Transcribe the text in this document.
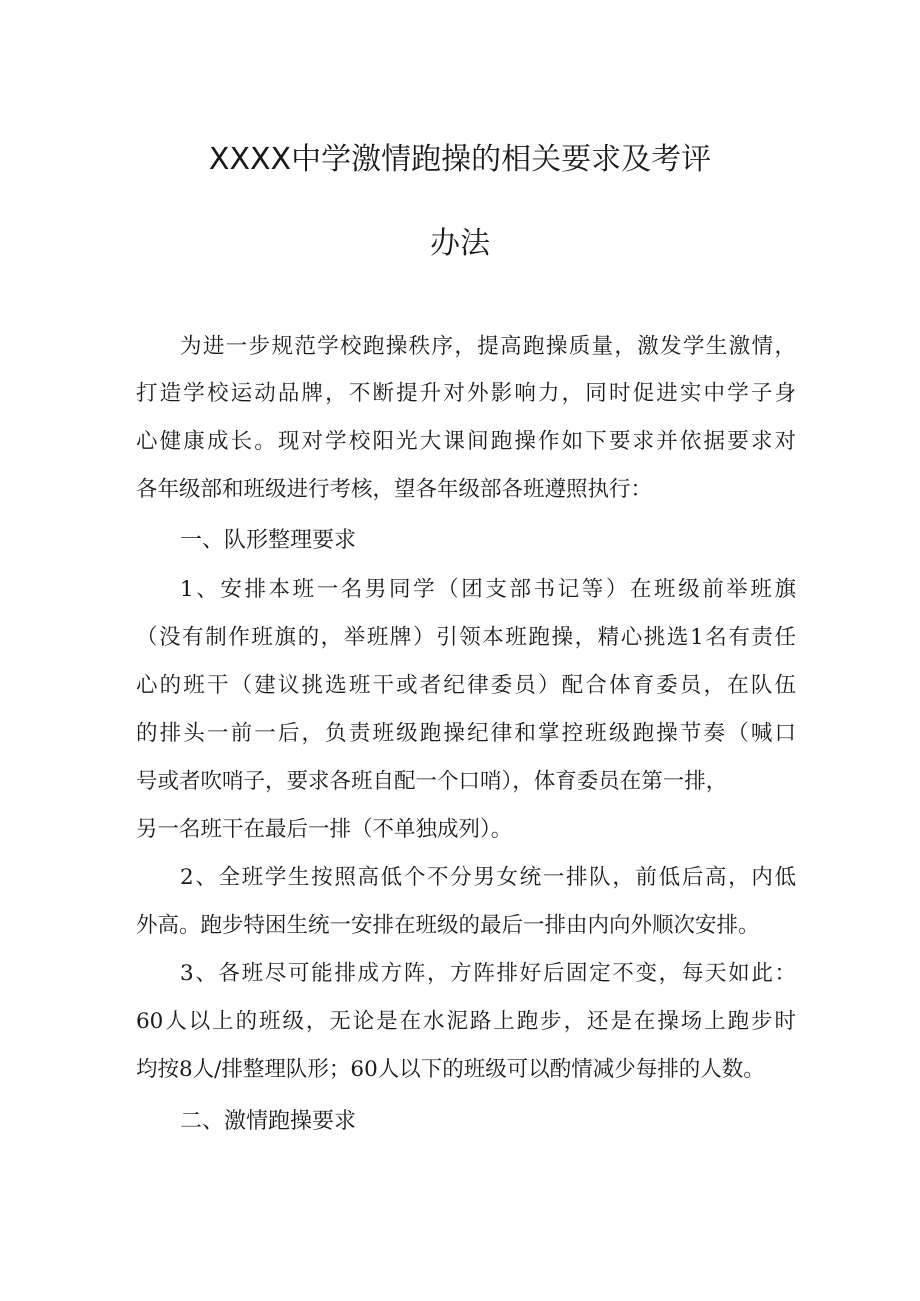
XXXX中学激情跑操的相关要求及考评
办法
为进一步规范学校跑操秩序，提高跑操质量，激发学生激情，
打造学校运动品牌，不断提升对外影响力，同时促进实中学子身
心健康成长。现对学校阳光大课间跑操作如下要求并依据要求对
各年级部和班级进行考核，望各年级部各班遵照执行：
一、队形整理要求
1、安排本班一名男同学（团支部书记等）在班级前举班旗
（没有制作班旗的，举班牌）引领本班跑操，精心挑选1名有责任
心的班干（建议挑选班干或者纪律委员）配合体育委员，在队伍
的排头一前一后，负责班级跑操纪律和掌控班级跑操节奏（喊口
号或者吹哨子，要求各班自配一个口哨），体育委员在第一排，
另一名班干在最后一排（不单独成列）。
2、全班学生按照高低个不分男女统一排队，前低后高，内低
外高。跑步特困生统一安排在班级的最后一排由内向外顺次安排。
3、各班尽可能排成方阵，方阵排好后固定不变，每天如此：
60人以上的班级，无论是在水泥路上跑步，还是在操场上跑步时
均按8人/排整理队形；60人以下的班级可以酌情减少每排的人数。
二、激情跑操要求
